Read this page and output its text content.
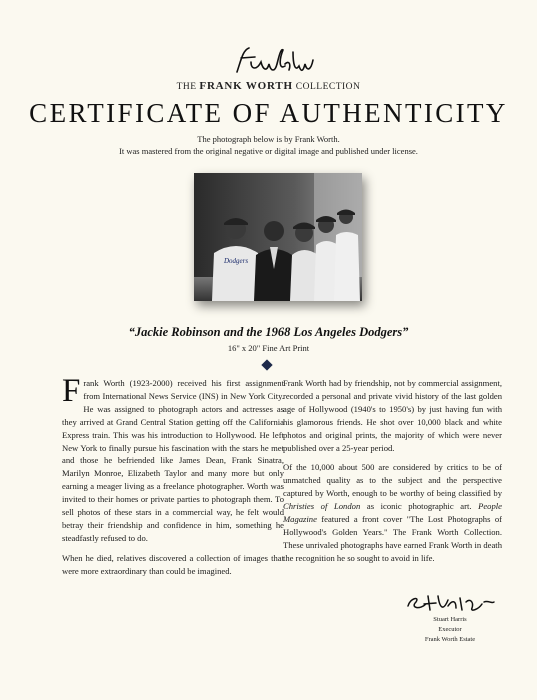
THE FRANK WORTH COLLECTION
CERTIFICATE OF AUTHENTICITY
The photograph below is by Frank Worth.
It was mastered from the original negative or digital image and published under license.
Dodgers
“Jackie Robinson and the 1968 Los Angeles Dodgers”
16" x 20" Fine Art Print

Frank Worth (1923-2000) received his first assignment from International News Service (INS) in New York City. He was assigned to photograph actors and actresses as they arrived at Grand Central Station getting off the California Express train. This was his introduction to Hollywood. He left New York to finally pursue his fascination with the stars he met and those he befriended like James Dean, Frank Sinatra, Marilyn Monroe, Elizabeth Taylor and many more but only earning a meager living as a freelance photographer. Worth was invited to their homes or private parties to photograph them. To sell photos of these stars in a commercial way, he felt would betray their friendship and confidence in him, something he steadfastly refused to do.

When he died, relatives discovered a collection of images that were more extraordinary than could be imagined.

Frank Worth had by friendship, not by commercial assignment, recorded a personal and private vivid history of the last golden age of Hollywood (1940's to 1950's) by just having fun with his glamorous friends. He shot over 10,000 black and white photos and original prints, the majority of which were never published over a 25-year period.

Of the 10,000 about 500 are considered by critics to be of unmatched quality as to the subject and the perspective captured by Worth, enough to be worthy of being classified by Christies of London as iconic photographic art. People Magazine featured a front cover "The Lost Photographs of Hollywood's Golden Years." The Frank Worth Collection. These unrivaled photographs have earned Frank Worth in death the recognition he so sought to avoid in life.

Stuart Harris
Executor
Frank Worth Estate
